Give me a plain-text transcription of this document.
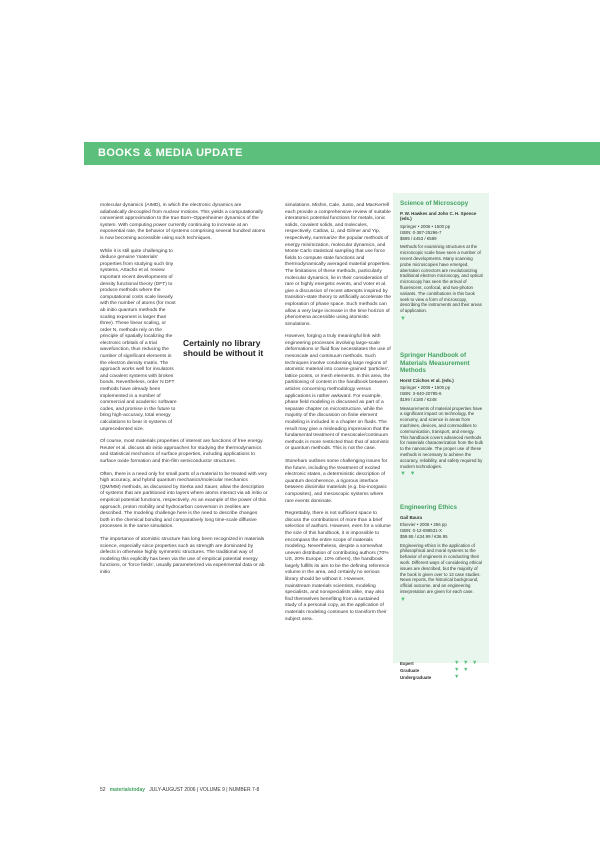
BOOKS & MEDIA UPDATE

molecular dynamics (AIMD), in which the electronic dynamics are adiabatically decoupled from nuclear motions. This yields a computationally convenient approximation to the true Born–Oppenheimer dynamics of the system. With computing power currently continuing to increase at an exponential rate, the behavior of systems comprising several hundred atoms is now becoming accessible using such techniques.

While it is still quite challenging to deduce genuine 'materials' properties from studying such tiny systems, Artacho et al. review important recent developments of density functional theory (DFT) to produce methods where the computational costs scale linearly with the number of atoms (for most ab initio quantum methods the scaling exponent is larger than three). These linear scaling, or order N, methods rely on the principle of spatially localizing the electronic orbitals of a trial wavefunction, thus reducing the number of significant elements in the electron density matrix. The approach works well for insulators and covalent systems with broken bonds. Nevertheless, order N DFT methods have already been implemented in a number of commercial and academic software codes, and promise in the future to bring high-accuracy, total energy calculations to bear in systems of unprecedented size.

Of course, most materials properties of interest are functions of free energy. Reuter et al. discuss ab initio approaches for studying the thermodynamics and statistical mechanics of surface properties, including applications to surface oxide formation and thin-film semiconductor structures.

Often, there is a need only for small parts of a material to be treated with very high accuracy, and hybrid quantum mechanics/molecular mechanics (QM/MM) methods, as discussed by Sierka and Sauer, allow the description of systems that are partitioned into layers where atoms interact via ab initio or empirical potential functions, respectively. As an example of the power of this approach, proton mobility and hydrocarbon conversion in zeolites are described. The modeling challenge here is the need to describe changes both in the chemical bonding and comparatively long time-scale diffusive processes in the same simulation.

The importance of atomistic structure has long been recognized in materials science, especially since properties such as strength are dominated by defects in otherwise highly symmetric structures. The traditional way of modeling this explicitly has been via the use of empirical potential energy functions, or 'force fields', usually parameterized via experimental data or ab initio

Certainly no library should be without it

simulations. Mishin, Cale, Justo, and MacKerrell each provide a comprehensive review of suitable interatomic potential functions for metals, ionic solids, covalent solids, and molecules, respectively. Catlow, Li, and Gilmer and Yip, respectively, summarize the popular methods of energy minimization, molecular dynamics, and Monte Carlo statistical sampling that use force fields to compute state functions and thermodynamically averaged material properties. The limitations of these methods, particularly molecular dynamics, lie in their consideration of rare or highly energetic events, and Voter et al. give a discussion of recent attempts inspired by transition-state theory to artificially accelerate the exploration of phase space. Such methods can allow a very large increase in the time horizon of phenomena accessible using atomistic simulations.

However, forging a truly meaningful link with engineering processes involving large-scale deformations or fluid flow necessitates the use of mesoscale and continuum methods. Such techniques involve condensing large regions of atomistic material into coarse-grained 'particles', lattice points, or mesh elements. In this area, the partitioning of content in the handbook between articles concerning methodology versus applications is rather awkward. For example, phase field modeling is discussed as part of a separate chapter on microstructure, while the majority of the discussion on finite element modeling is included in a chapter on fluids. The result may give a misleading impression that the fundamental treatment of mesoscale/continuum methods is more restricted than that of atomistic or quantum methods. This is not the case.

Stoneham outlines some challenging issues for the future, including the treatment of excited electronic states, a deterministic description of quantum decoherence, a rigorous interface between dissimilar materials (e.g. bio-inorganic composites), and mesoscopic systems where rare events dominate.

Regrettably, there is not sufficient space to discuss the contributions of more than a brief selection of authors. However, even for a volume the size of this handbook, it is impossible to encompass the entire scope of materials modeling. Nevertheless, despite a somewhat uneven distribution of contributing authors (70% US, 20% Europe, 10% others), the handbook largely fulfills its aim to be the defining reference volume in the area, and certainly no serious library should be without it. However, mainstream materials scientists, modeling specialists, and nonspecialists alike, may also find themselves benefiting from a sustained study of a personal copy, as the application of materials modeling continues to transform their subject area.

Science of Microscopy
P. W. Hawkes and John C. H. Spence (eds.)
Springer • 2006 • 1500 pp
ISBN: 0-387-25296-7
$695 / £453 / €589
Methods for examining structures at the microscopic scale have seen a number of recent developments. Many scanning probe microscopies have emerged, aberration correctors are revolutionizing traditional electron microscopy, and optical microscopy has seen the arrival of fluorescent, confocal, and two-photon variants. The contributions in this book seek to view a form of microscopy, describing the instruments and their areas of application.
▼
Springer Handbook of Materials Measurement Methods
Horst Czichos et al. (eds.)
Springer • 2006 • 1500 pp
ISBN: 3-540-20785-6
$199 / £180 / €248
Measurements of material properties have a significant impact on technology, the economy, and science in areas from machines, devices, and commodities to communication, transport, and energy. This handbook covers advanced methods for materials characterization from the bulk to the nanoscale. The proper use of these methods is necessary to achieve the accuracy, reliability, and safety required by modern technologies.
▼ ▼
Engineering Ethics
Gail Baura
Elsevier • 2006 • 256 pp
ISBN: 0-12-088531-X
$59.95 / £34.99 / €36.95
Engineering ethics is the application of philosophical and moral systems to the behavior of engineers in conducting their work. Different ways of considering ethical issues are described, but the majority of the book is given over to 13 case studies. News reports, the historical background, official outcome, and an engineering interpretation are given for each case.
▼
Expert	▼ ▼ ▼
Graduate	▼ ▼
Undergraduate	▼
52 materialstoday JULY-AUGUST 2006 | VOLUME 9 | NUMBER 7-8
